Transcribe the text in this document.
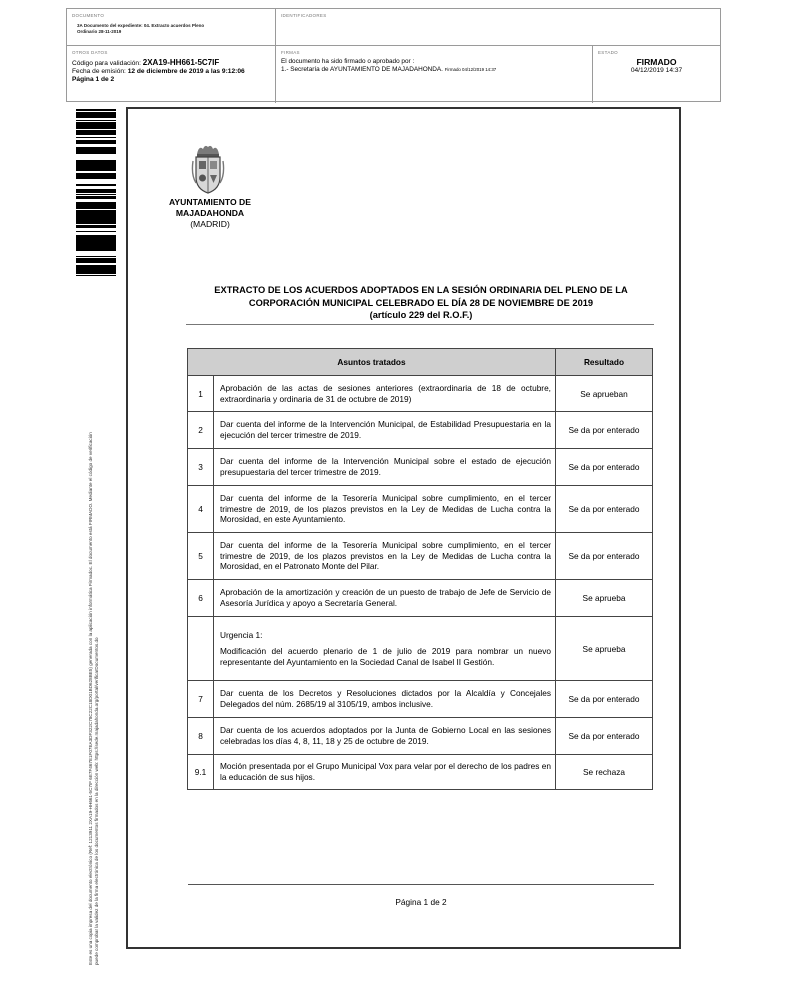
DOCUMENTO
3A Documento del expediente: 04. Extracto acuerdos Pleno Ordinario 28-11-2019
IDENTIFICADORES
OTROS DATOS
Código para validación: 2XA19-HH661-5C7IF
Fecha de emisión: 12 de diciembre de 2019 a las 9:12:06
Página 1 de 2
FIRMAS
El documento ha sido firmado o aprobado por :
1.- Secretaría de AYUNTAMIENTO DE MAJADAHONDA. Firmado 04/12/2019 14:37
ESTADO
FIRMADO
04/12/2019 14:37
Este es una copia impresa del documento electrónico (Ref: 1213911 2XA19-HH661-5C7IF 6E7F467E1F07EA3DF322C78C22C18D01BD628BE5) generada con la aplicación informática Firmadoc. El documento está FIRMADO. Mediante el código de verificación puede comprobar la validez de la firma electrónica de los documentos firmados en la dirección web: https://sede.majadahonda.org/portal/verificarDocumentos.do
AYUNTAMIENTO DE
MAJADAHONDA
(MADRID)
EXTRACTO DE LOS ACUERDOS ADOPTADOS EN LA SESIÓN ORDINARIA DEL PLENO DE LA
CORPORACIÓN MUNICIPAL CELEBRADO EL DÍA 28 DE NOVIEMBRE DE 2019
(artículo 229 del R.O.F.)
Asuntos tratados		Resultado
1	Aprobación de las actas de sesiones anteriores (extraordinaria de 18 de octubre, extraordinaria y ordinaria de 31 de octubre de 2019)	Se aprueban
2	Dar cuenta del informe de la Intervención Municipal, de Estabilidad Presupuestaria en la ejecución del tercer trimestre de 2019.	Se da por enterado
3	Dar cuenta del informe de la Intervención Municipal sobre el estado de ejecución presupuestaria del tercer trimestre de 2019.	Se da por enterado
4	Dar cuenta del informe de la Tesorería Municipal sobre cumplimiento, en el tercer trimestre de 2019, de los plazos previstos en la Ley de Medidas de Lucha contra la Morosidad, en este Ayuntamiento.	Se da por enterado
5	Dar cuenta del informe de la Tesorería Municipal sobre cumplimiento, en el tercer trimestre de 2019, de los plazos previstos en la Ley de Medidas de Lucha contra la Morosidad, en el Patronato Monte del Pilar.	Se da por enterado
6	Aprobación de la amortización y creación de un puesto de trabajo de Jefe de Servicio de Asesoría Jurídica y apoyo a Secretaría General.	Se aprueba

	Urgencia 1:
Modificación del acuerdo plenario de 1 de julio de 2019 para nombrar un nuevo representante del Ayuntamiento en la Sociedad Canal de Isabel II Gestión.	Se aprueba
7	Dar cuenta de los Decretos y Resoluciones dictados por la Alcaldía y Concejales Delegados del núm. 2685/19 al 3105/19, ambos inclusive.	Se da por enterado
8	Dar cuenta de los acuerdos adoptados por la Junta de Gobierno Local en las sesiones celebradas los días 4, 8, 11, 18 y 25 de octubre de 2019.	Se da por enterado
9.1	Moción presentada por el Grupo Municipal Vox para velar por el derecho de los padres en la educación de sus hijos.	Se rechaza
Página 1 de 2
